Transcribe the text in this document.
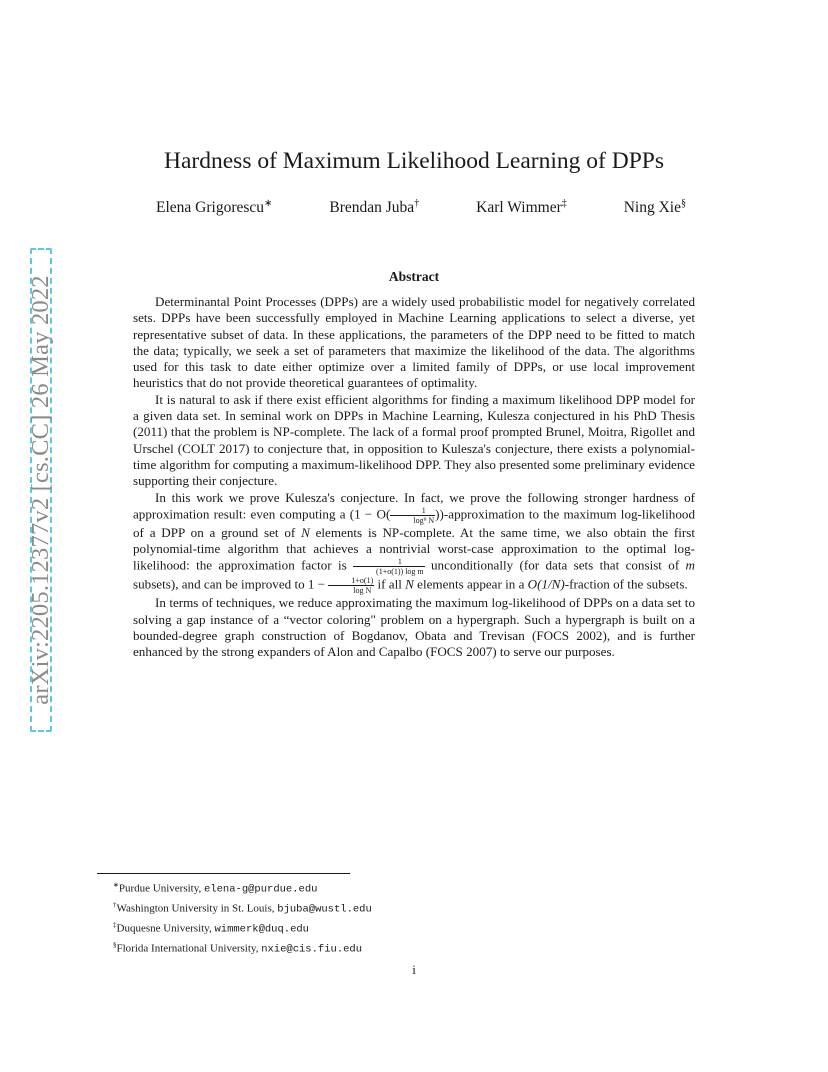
arXiv:2205.12377v2 [cs.CC] 26 May 2022
Hardness of Maximum Likelihood Learning of DPPs
Elena Grigorescu∗	Brendan Juba†	Karl Wimmer‡	Ning Xie§
Abstract

Determinantal Point Processes (DPPs) are a widely used probabilistic model for negatively correlated sets. DPPs have been successfully employed in Machine Learning applications to select a diverse, yet representative subset of data. In these applications, the parameters of the DPP need to be fitted to match the data; typically, we seek a set of parameters that maximize the likelihood of the data. The algorithms used for this task to date either optimize over a limited family of DPPs, or use local improvement heuristics that do not provide theoretical guarantees of optimality.

It is natural to ask if there exist efficient algorithms for finding a maximum likelihood DPP model for a given data set. In seminal work on DPPs in Machine Learning, Kulesza conjectured in his PhD Thesis (2011) that the problem is NP-complete. The lack of a formal proof prompted Brunel, Moitra, Rigollet and Urschel (COLT 2017) to conjecture that, in opposition to Kulesza's conjecture, there exists a polynomial-time algorithm for computing a maximum-likelihood DPP. They also presented some preliminary evidence supporting their conjecture.

In this work we prove Kulesza's conjecture. In fact, we prove the following stronger hardness of approximation result: even computing a ($1 - O( \frac{1}{\text{log⁹ N}}$ ))-approximation to the maximum log-likelihood of a DPP on a ground set of N elements is NP-complete. At the same time, we also obtain the first polynomial-time algorithm that achieves a nontrivial worst-case approximation to the optimal log-likelihood: the approximation factor is $\frac{1}{\text{(1+o(1)) log m}}$ unconditionally (for data sets that consist of m subsets), and can be improved to $1 - \frac{1+o(1)}{\text{log N}}$ if all N elements appear in a O(1/N)-fraction of the subsets.

In terms of techniques, we reduce approximating the maximum log-likelihood of DPPs on a data set to solving a gap instance of a “vector coloring" problem on a hypergraph. Such a hypergraph is built on a bounded-degree graph construction of Bogdanov, Obata and Trevisan (FOCS 2002), and is further enhanced by the strong expanders of Alon and Capalbo (FOCS 2007) to serve our purposes.

∗Purdue University, elena-g@purdue.edu
†Washington University in St. Louis, bjuba@wustl.edu
‡Duquesne University, wimmerk@duq.edu
§Florida International University, nxie@cis.fiu.edu
i
